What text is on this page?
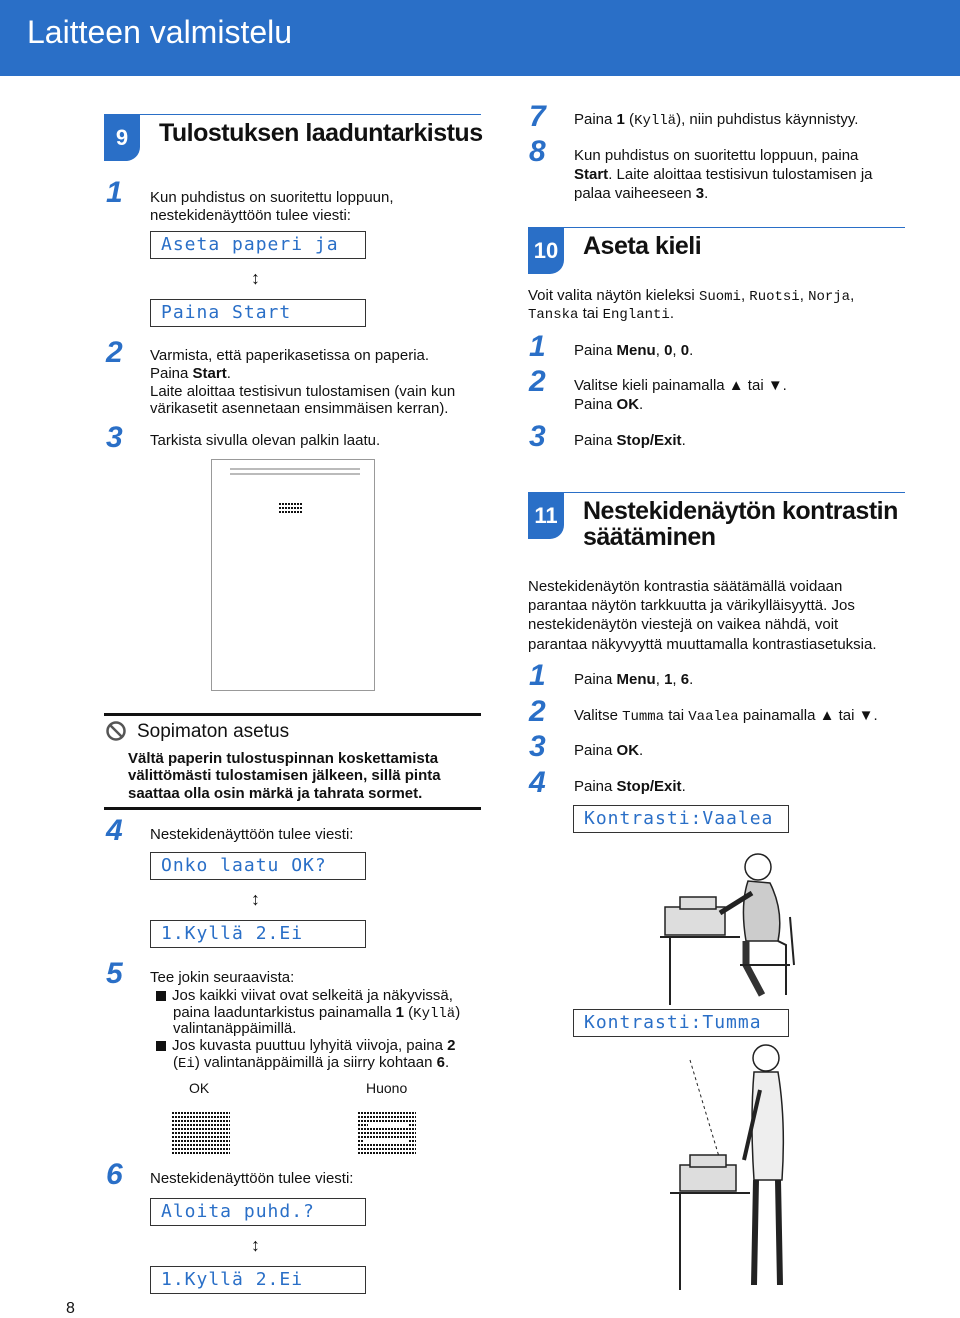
Laitteen valmistelu
9	Tulostuksen laaduntarkistus
1	Kun puhdistus on suoritettu loppuun,
nestekidenäyttöön tulee viesti:
Aseta paperi ja
↕
Paina Start
2	Varmista, että paperikasetissa on paperia.
Paina Start.
Laite aloittaa testisivun tulostamisen (vain kun
värikasetit asennetaan ensimmäisen kerran).
3	Tarkista sivulla olevan palkin laatu.
Sopimaton asetus
Vältä paperin tulostuspinnan koskettamista
välittömästi tulostamisen jälkeen, sillä pinta
saattaa olla osin märkä ja tahrata sormet.
4	Nestekidenäyttöön tulee viesti:
Onko laatu OK?
↕
1.Kyllä 2.Ei
5	Tee jokin seuraavista:
Jos kaikki viivat ovat selkeitä ja näkyvissä,
paina laaduntarkistus painamalla 1 (Kyllä)
valintanäppäimillä.
Jos kuvasta puuttuu lyhyitä viivoja, paina 2
(Ei) valintanäppäimillä ja siirry kohtaan 6.
OK	Huono
6	Nestekidenäyttöön tulee viesti:
Aloita puhd.?
↕
1.Kyllä 2.Ei
8
7	Paina 1 (Kyllä), niin puhdistus käynnistyy.
8	Kun puhdistus on suoritettu loppuun, paina
Start. Laite aloittaa testisivun tulostamisen ja
palaa vaiheeseen 3.
10 Aseta kieli
Voit valita näytön kieleksi Suomi, Ruotsi, Norja,
Tanska tai Englanti.
1	Paina Menu, 0, 0.
2	Valitse kieli painamalla ▲ tai ▼.
Paina OK.
3	Paina Stop/Exit.
11 Nestekidenäytön kontrastin
säätäminen
Nestekidenäytön kontrastia säätämällä voidaan
parantaa näytön tarkkuutta ja värikylläisyyttä. Jos
nestekidenäytön viestejä on vaikea nähdä, voit
parantaa näkyvyyttä muuttamalla kontrastiasetuksia.
1	Paina Menu, 1, 6.
2	Valitse Tumma tai Vaalea painamalla ▲ tai ▼.
3	Paina OK.
4	Paina Stop/Exit.
Kontrasti:Vaalea
Kontrasti:Tumma
